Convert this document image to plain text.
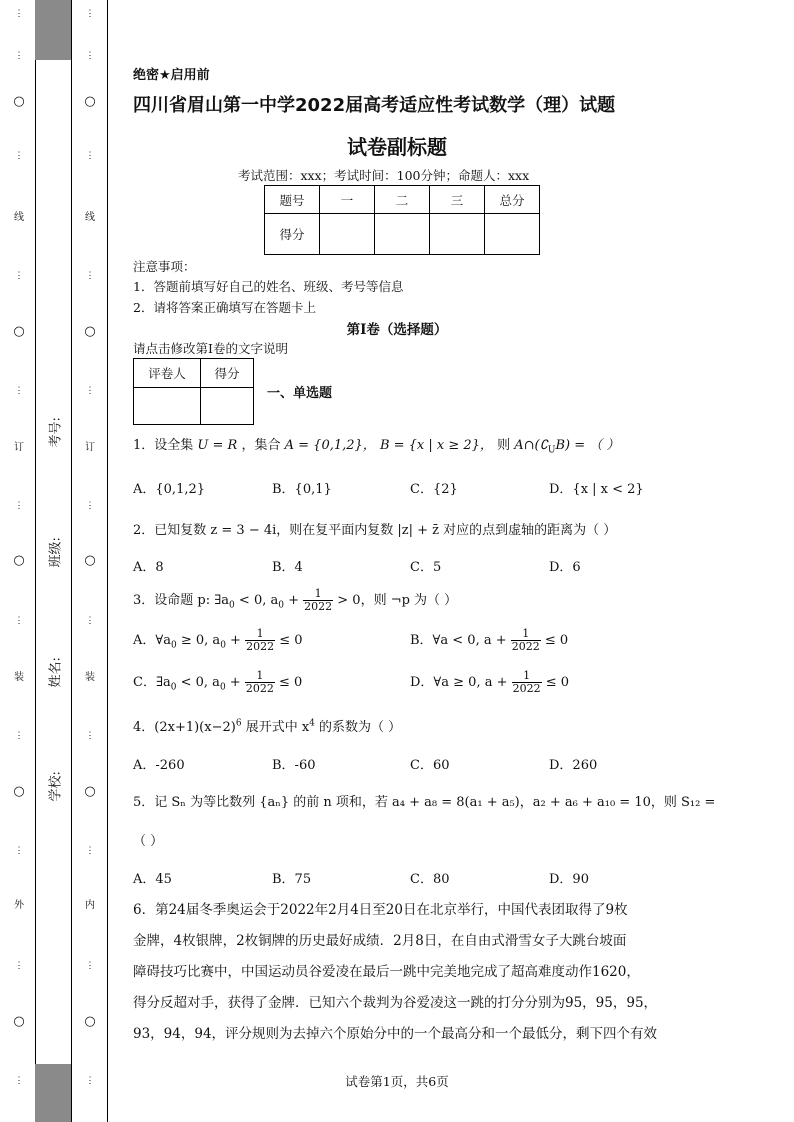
⋮
⋮
○
⋮
线
⋮
○
⋮
订
⋮
○
⋮
装
⋮
○
⋮
外
⋮
○
⋮
⋮
⋮
○
⋮
线
⋮
○
⋮
订
⋮
○
⋮
装
⋮
○
⋮
内
⋮
○
⋮
考号:
班级:
姓名:
学校:
绝密★启用前
四川省眉山第一中学2022届高考适应性考试数学（理）试题
试卷副标题
考试范围：xxx；考试时间：100分钟；命题人：xxx
题号	一	二	三	总分
得分				
注意事项：
1．答题前填写好自己的姓名、班级、考号等信息
2．请将答案正确填写在答题卡上
第I卷（选择题）
请点击修改第I卷的文字说明
评卷人	得分

一、单选题
1．设全集 U = R ，集合 A = {0,1,2}， B = {x | x ≥ 2}， 则 $A\cap(∁_UB)$ = （ ）
A．{0,1,2}	B．{0,1}	C．{2}	D．{x | x < 2}
2．已知复数 z = 3 − 4i，则在复平面内复数 |z| + z̄ 对应的点到虚轴的距离为（ ）
A．8	B．4	C．5	D．6
3．设命题 p: $\exists a_0 < 0$, $a_0 + \frac{1}{2022} > 0$，则 ¬p 为（ ）
A．$\forall a_0 \ge 0$, $a_0 + \frac{1}{2022} \le 0$	B．∀a < 0, $a + \frac{1}{2022} \le 0$
C．$\exists a_0 < 0$, $a_0 + \frac{1}{2022} \le 0$	D．∀a ≥ 0, $a + \frac{1}{2022} \le 0$
4．$(2x+1)(x-2)^6$ 展开式中 $x^4$ 的系数为（ ）
A．-260	B．-60	C．60	D．260
5．记 Sₙ 为等比数列 {aₙ} 的前 n 项和，若 a₄ + a₈ = 8(a₁ + a₅)，a₂ + a₆ + a₁₀ = 10，则 S₁₂ =
（ ）
A．45	B．75	C．80	D．90
6．第24届冬季奥运会于2022年2月4日至20日在北京举行，中国代表团取得了9枚
金牌，4枚银牌，2枚铜牌的历史最好成绩．2月8日，在自由式滑雪女子大跳台坡面
障碍技巧比赛中，中国运动员谷爱凌在最后一跳中完美地完成了超高难度动作1620，
得分反超对手，获得了金牌．已知六个裁判为谷爱凌这一跳的打分分别为95，95，95，
93，94，94，评分规则为去掉六个原始分中的一个最高分和一个最低分，剩下四个有效
试卷第1页，共6页
